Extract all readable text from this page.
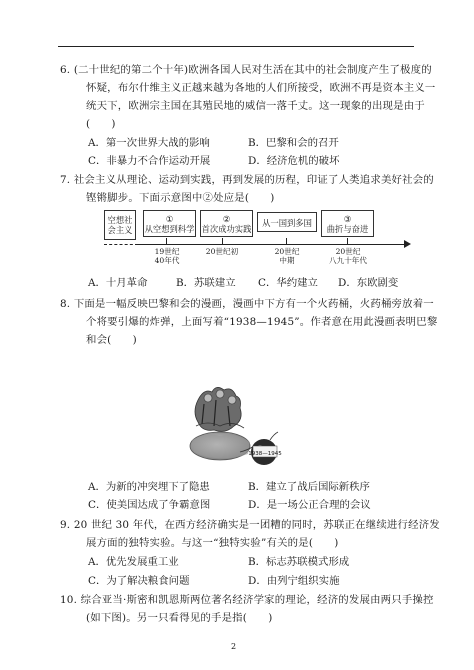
6. (二十世纪的第二个十年)欧洲各国人民对生活在其中的社会制度产生了极度的
怀疑，布尔什维主义正越来越为各地的人们所接受，欧洲不再是资本主义一
统天下，欧洲宗主国在其殖民地的威信一落千丈。这一现象的出现是由于
(　　)
A．第一次世界大战的影响	B．巴黎和会的召开
C．非暴力不合作运动开展	D．经济危机的破坏
7. 社会主义从理论、运动到实践，再到发展的历程，印证了人类追求美好社会的
铿锵脚步。下面示意图中②处应是(　　)
空想社
会主义
①
从空想到科学
②
首次成功实践
从一国到多国	③
曲折与奋进
19世纪
40年代
20世纪初	20世纪
中期
20世纪
八九十年代
A．十月革命	B．苏联建立 C．华约建立 D．东欧剧变
8. 下面是一幅反映巴黎和会的漫画，漫画中下方有一个火药桶，火药桶旁放着一
个将要引爆的炸弹，上面写着“1938—1945”。作者意在用此漫画表明巴黎
和会(　　)
1938—1945
A．为新的冲突埋下了隐患	B．建立了战后国际新秩序
C．使美国达成了争霸意图	D．是一场公正合理的会议
9. 20 世纪 30 年代，在西方经济确实是一团糟的同时，苏联正在继续进行经济发
展方面的独特实验。与这一“独特实验”有关的是(　　)
A．优先发展重工业	B．标志苏联模式形成
C．为了解决粮食问题	D．由列宁组织实施
10. 综合亚当·斯密和凯恩斯两位著名经济学家的理论，经济的发展由两只手操控
(如下图)。另一只看得见的手是指(　　)
2
